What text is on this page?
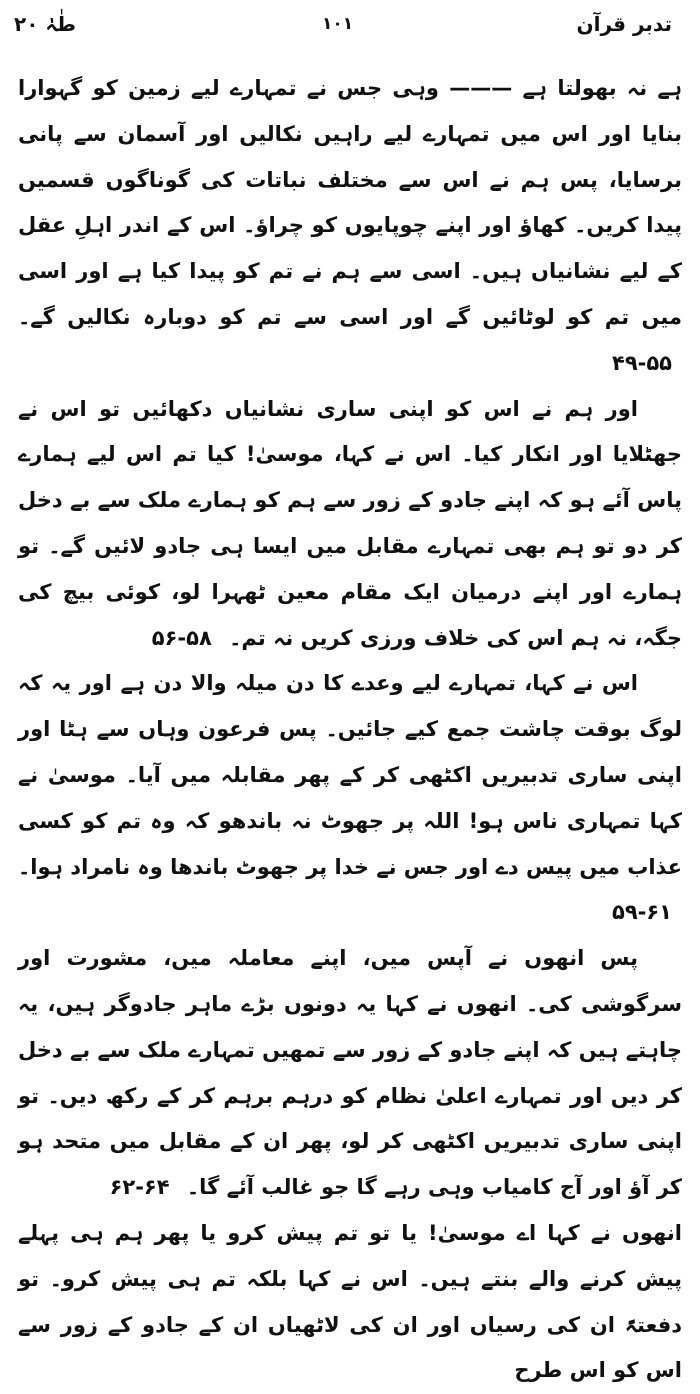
تدبر قرآن
۱۰۱
طٰہٰ ۲۰

ہے نہ بھولتا ہے ——— وہی جس نے تمہارے لیے زمین کو گہوارا بنایا اور اس میں تمہارے لیے راہیں نکالیں اور آسمان سے پانی برسایا، پس ہم نے اس سے مختلف نباتات کی گوناگوں قسمیں پیدا کریں۔ کھاؤ اور اپنے چوپایوں کو چراؤ۔ اس کے اندر اہلِ عقل کے لیے نشانیاں ہیں۔ اسی سے ہم نے تم کو پیدا کیا ہے اور اسی میں تم کو لوٹائیں گے اور اسی سے تم کو دوبارہ نکالیں گے۔ ۴۹-۵۵

اور ہم نے اس کو اپنی ساری نشانیاں دکھائیں تو اس نے جھٹلایا اور انکار کیا۔ اس نے کہا، موسیٰ! کیا تم اس لیے ہمارے پاس آئے ہو کہ اپنے جادو کے زور سے ہم کو ہمارے ملک سے بے دخل کر دو تو ہم بھی تمہارے مقابل میں ایسا ہی جادو لائیں گے۔ تو ہمارے اور اپنے درمیان ایک مقام معین ٹھہرا لو، کوئی بیچ کی جگہ، نہ ہم اس کی خلاف ورزی کریں نہ تم۔ ۵۶-۵۸

اس نے کہا، تمہارے لیے وعدے کا دن میلہ والا دن ہے اور یہ کہ لوگ بوقت چاشت جمع کیے جائیں۔ پس فرعون وہاں سے ہٹا اور اپنی ساری تدبیریں اکٹھی کر کے پھر مقابلہ میں آیا۔ موسیٰ نے کہا تمہاری ناس ہو! اللہ پر جھوٹ نہ باندھو کہ وہ تم کو کسی عذاب میں پیس دے اور جس نے خدا پر جھوٹ باندھا وہ نامراد ہوا۔ ۵۹-۶۱

پس انھوں نے آپس میں، اپنے معاملہ میں، مشورت اور سرگوشی کی۔ انھوں نے کہا یہ دونوں بڑے ماہر جادوگر ہیں، یہ چاہتے ہیں کہ اپنے جادو کے زور سے تمھیں تمہارے ملک سے بے دخل کر دیں اور تمہارے اعلیٰ نظام کو درہم برہم کر کے رکھ دیں۔ تو اپنی ساری تدبیریں اکٹھی کر لو، پھر ان کے مقابل میں متحد ہو کر آؤ اور آج کامیاب وہی رہے گا جو غالب آئے گا۔ ۶۲-۶۴

انھوں نے کہا اے موسیٰ! یا تو تم پیش کرو یا پھر ہم ہی پہلے پیش کرنے والے بنتے ہیں۔ اس نے کہا بلکہ تم ہی پیش کرو۔ تو دفعتہً ان کی رسیاں اور ان کی لاٹھیاں ان کے جادو کے زور سے اس کو اس طرح
